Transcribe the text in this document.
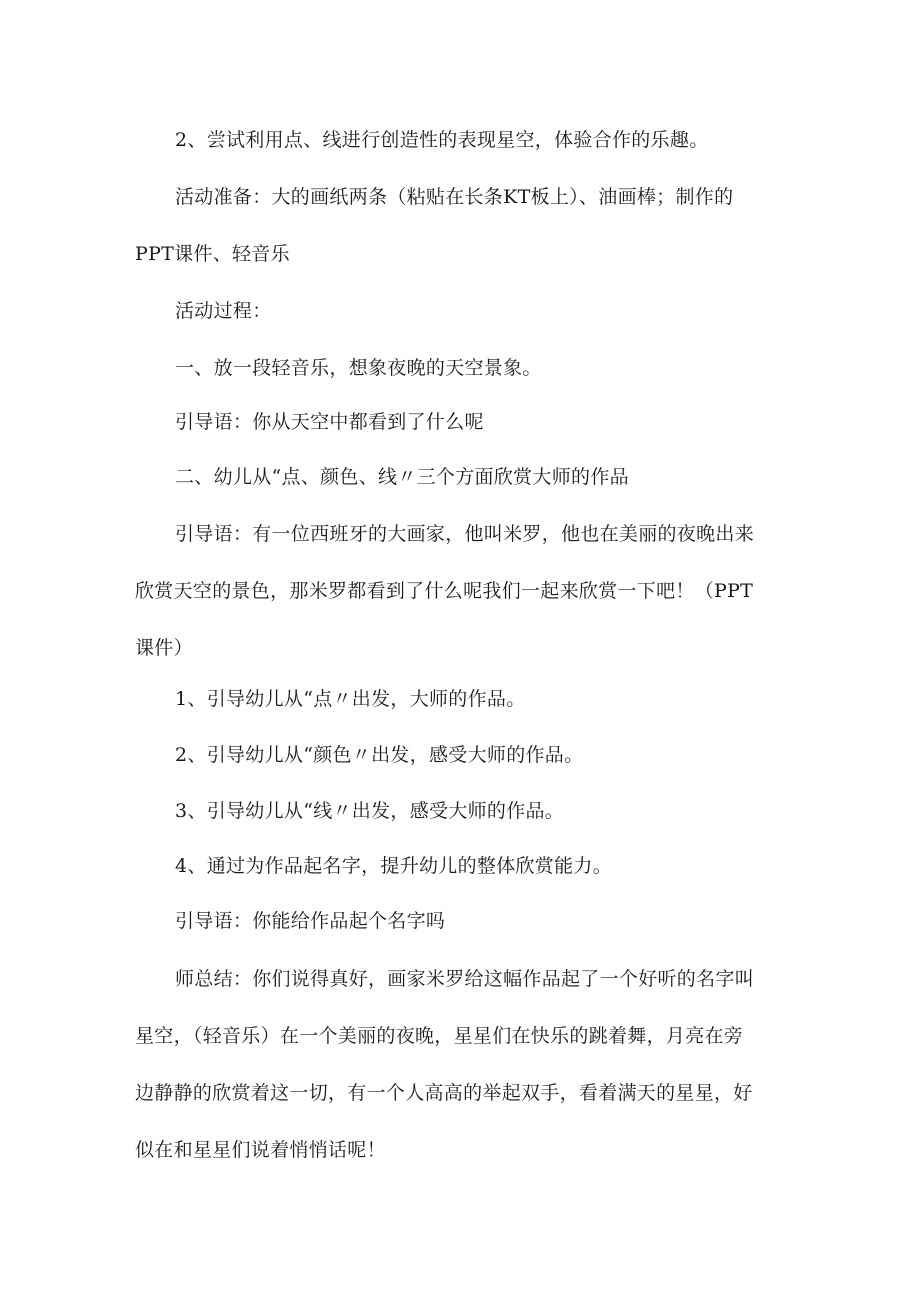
2、尝试利用点、线进行创造性的表现星空，体验合作的乐趣。

活动准备：大的画纸两条（粘贴在长条KT板上）、油画棒；制作的
PPT课件、轻音乐

活动过程：

一、放一段轻音乐，想象夜晚的天空景象。

引导语：你从天空中都看到了什么呢

二、幼儿从“点、颜色、线〃三个方面欣赏大师的作品

引导语：有一位西班牙的大画家，他叫米罗，他也在美丽的夜晚出来
欣赏天空的景色，那米罗都看到了什么呢我们一起来欣赏一下吧！（PPT
课件）

1、引导幼儿从“点〃出发，大师的作品。

2、引导幼儿从“颜色〃出发，感受大师的作品。

3、引导幼儿从“线〃出发，感受大师的作品。

4、通过为作品起名字，提升幼儿的整体欣赏能力。

引导语：你能给作品起个名字吗

师总结：你们说得真好，画家米罗给这幅作品起了一个好听的名字叫
星空，（轻音乐）在一个美丽的夜晚，星星们在快乐的跳着舞，月亮在旁
边静静的欣赏着这一切，有一个人高高的举起双手，看着满天的星星，好
似在和星星们说着悄悄话呢！
